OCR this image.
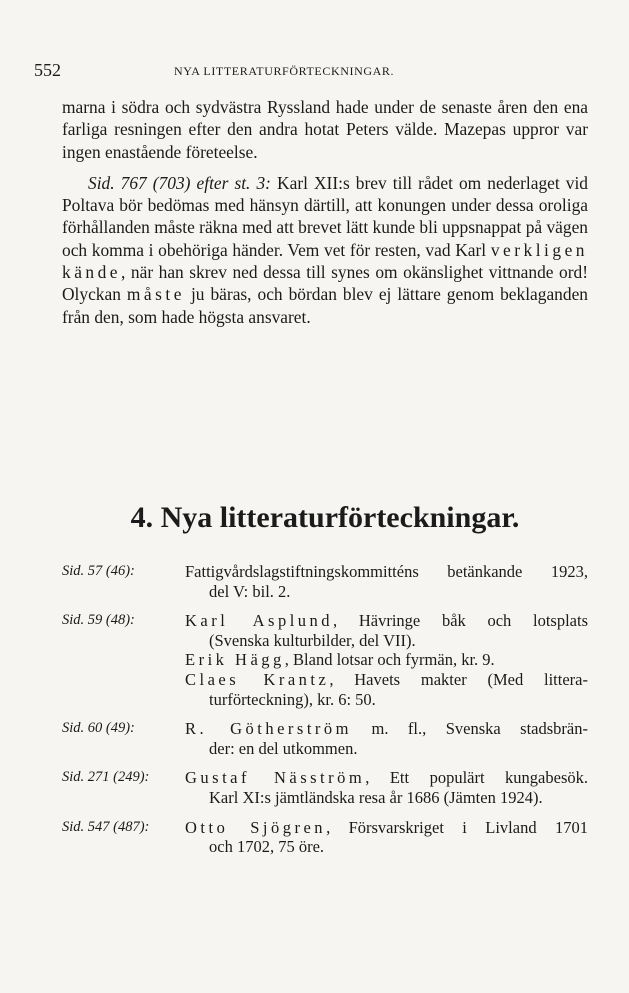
552	NYA LITTERATURFÖRTECKNINGAR.

marna i södra och sydvästra Ryssland hade under de senaste åren den ena farliga resningen efter den andra hotat Peters välde. Mazepas uppror var ingen enastående företeelse.

Sid. 767 (703) efter st. 3: Karl XII:s brev till rådet om nederlaget vid Poltava bör bedömas med hänsyn därtill, att konungen under dessa oroliga förhållanden måste räkna med att brevet lätt kunde bli uppsnappat på vägen och komma i obehöriga händer. Vem vet för resten, vad Karl verkligen kände, när han skrev ned dessa till synes om okänslighet vittnande ord! Olyckan måste ju bäras, och bördan blev ej lättare genom beklaganden från den, som hade högsta ansvaret.

4. Nya litteraturförteckningar.
Sid. 57 (46):	Fattigvårdslagstiftningskommitténs betänkande 1923,
del V: bil. 2.
Sid. 59 (48):	Karl Asplund, Hävringe båk och lotsplats
(Svenska kulturbilder, del VII).
Erik Hägg, Bland lotsar och fyrmän, kr. 9.
Claes Krantz, Havets makter (Med littera-
turförteckning), kr. 6: 50.
Sid. 60 (49):	R. Götherström m. fl., Svenska stadsbrän-
der: en del utkommen.
Sid. 271 (249): Gustaf Näsström, Ett populärt kungabesök.
Karl XI:s jämtländska resa år 1686 (Jämten 1924).
Sid. 547 (487): Otto Sjögren, Försvarskriget i Livland 1701
och 1702, 75 öre.
